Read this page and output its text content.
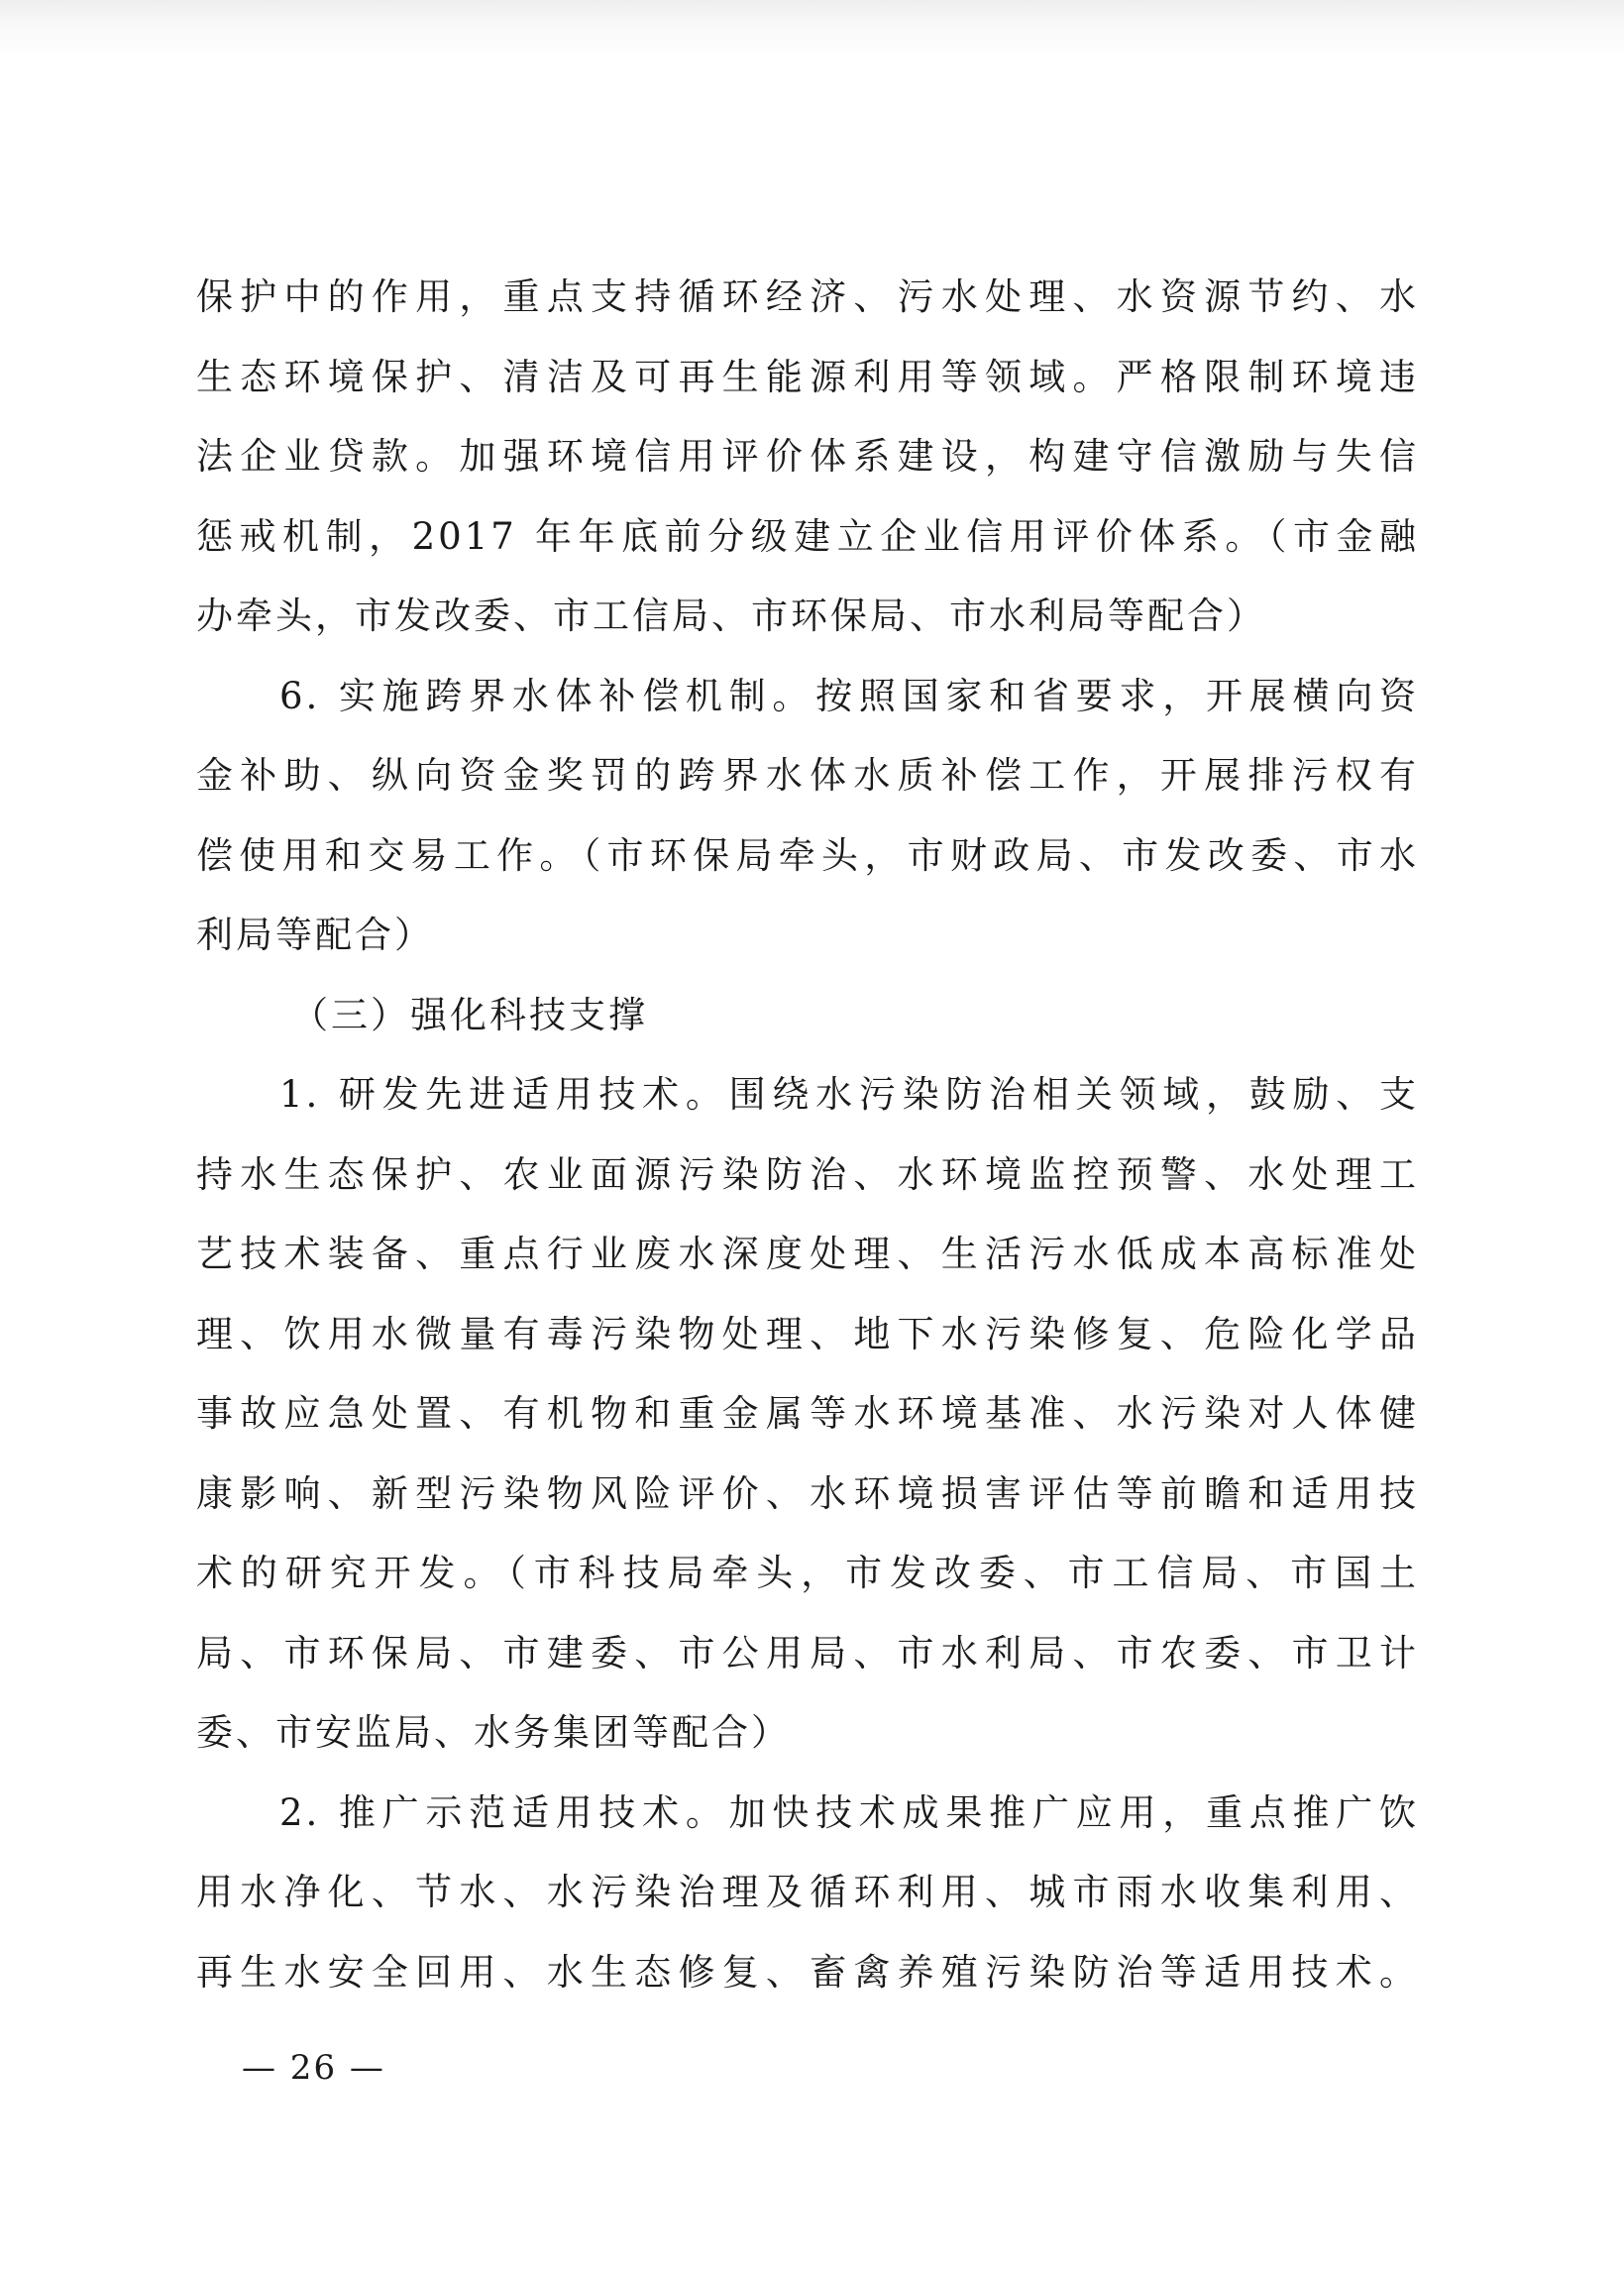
保护中的作用，重点支持循环经济、污水处理、水资源节约、水
生态环境保护、清洁及可再生能源利用等领域。严格限制环境违
法企业贷款。加强环境信用评价体系建设，构建守信激励与失信
惩戒机制，2017 年年底前分级建立企业信用评价体系。（市金融
办牵头，市发改委、市工信局、市环保局、市水利局等配合）
6. 实施跨界水体补偿机制。按照国家和省要求，开展横向资
金补助、纵向资金奖罚的跨界水体水质补偿工作，开展排污权有
偿使用和交易工作。（市环保局牵头，市财政局、市发改委、市水
利局等配合）
（三）强化科技支撑
1. 研发先进适用技术。围绕水污染防治相关领域，鼓励、支
持水生态保护、农业面源污染防治、水环境监控预警、水处理工
艺技术装备、重点行业废水深度处理、生活污水低成本高标准处
理、饮用水微量有毒污染物处理、地下水污染修复、危险化学品
事故应急处置、有机物和重金属等水环境基准、水污染对人体健
康影响、新型污染物风险评价、水环境损害评估等前瞻和适用技
术的研究开发。（市科技局牵头，市发改委、市工信局、市国土
局、市环保局、市建委、市公用局、市水利局、市农委、市卫计
委、市安监局、水务集团等配合）
2. 推广示范适用技术。加快技术成果推广应用，重点推广饮
用水净化、节水、水污染治理及循环利用、城市雨水收集利用、
再生水安全回用、水生态修复、畜禽养殖污染防治等适用技术。
— 26 —
